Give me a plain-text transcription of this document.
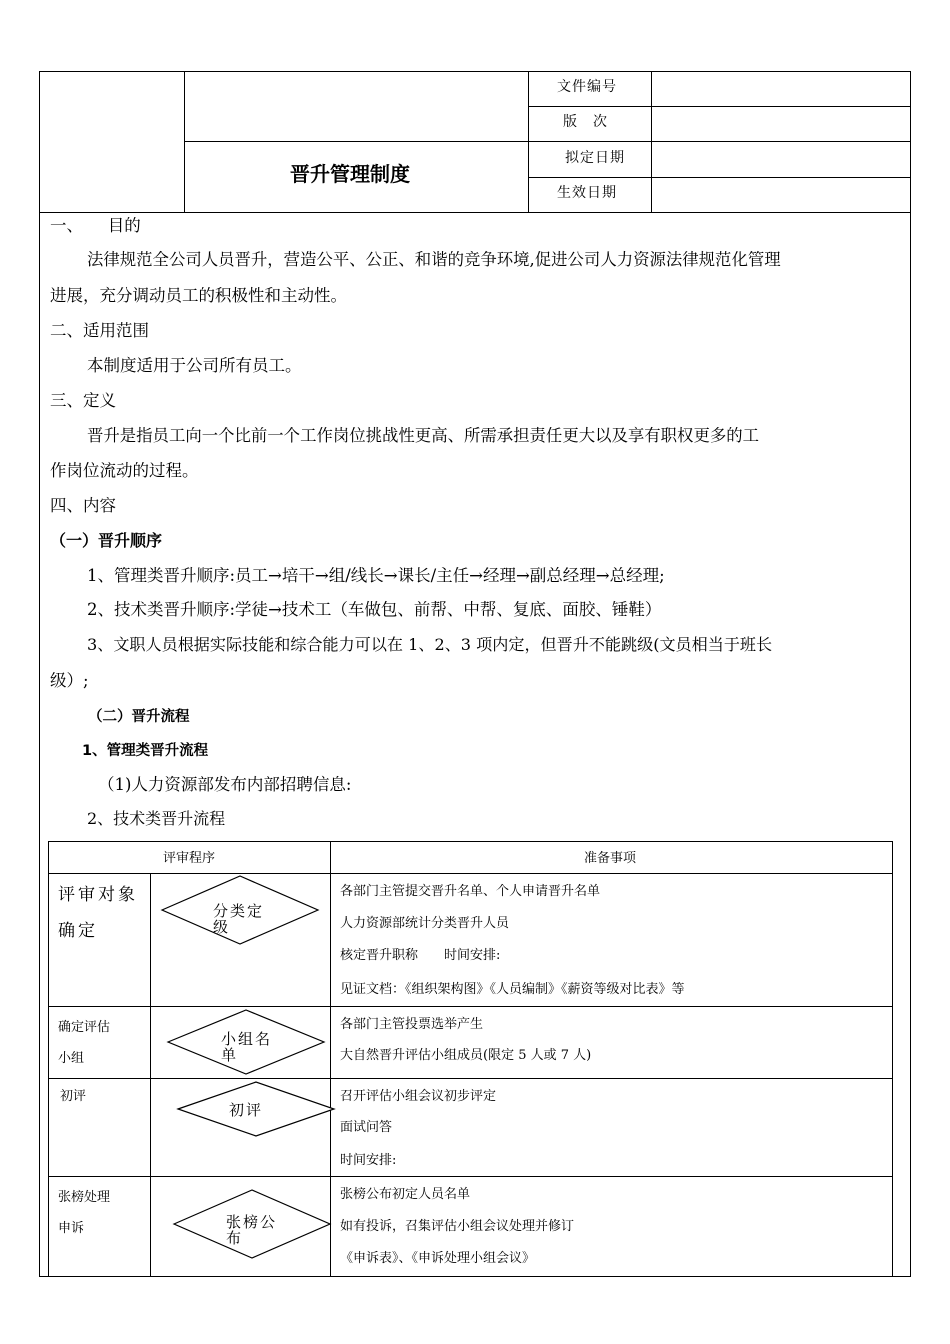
晋升管理制度
文件编号
版　次
拟定日期
生效日期
一、　　目的
法律规范全公司人员晋升，营造公平、公正、和谐的竞争环境,促进公司人力资源法律规范化管理
进展，充分调动员工的积极性和主动性。
二、适用范围
本制度适用于公司所有员工。
三、定义
晋升是指员工向一个比前一个工作岗位挑战性更高、所需承担责任更大以及享有职权更多的工
作岗位流动的过程。
四、内容
（一）晋升顺序
1、管理类晋升顺序:员工→培干→组/线长→课长/主任→经理→副总经理→总经理;
2、技术类晋升顺序:学徒→技术工（车做包、前帮、中帮、复底、面胶、锤鞋）
3、文职人员根据实际技能和综合能力可以在 1、2、3 项内定，但晋升不能跳级(文员相当于班长
级）;
（二）晋升流程
1、管理类晋升流程
（1)人力资源部发布内部招聘信息:
2、技术类晋升流程
评审程序	准备事项
评审对象确定
分类定级
各部门主管提交晋升名单、个人申请晋升名单
人力资源部统计分类晋升人员
核定晋升职称　　时间安排:
见证文档：《组织架构图》《人员编制》《薪资等级对比表》等
确定评估小组
小组名单
各部门主管投票选举产生
大自然晋升评估小组成员(限定 5 人或 7 人)
初评
初评
召开评估小组会议初步评定
面试问答
时间安排:
张榜处理申诉	张榜公布
张榜公布初定人员名单
如有投诉，召集评估小组会议处理并修订
《申诉表》、《申诉处理小组会议》
